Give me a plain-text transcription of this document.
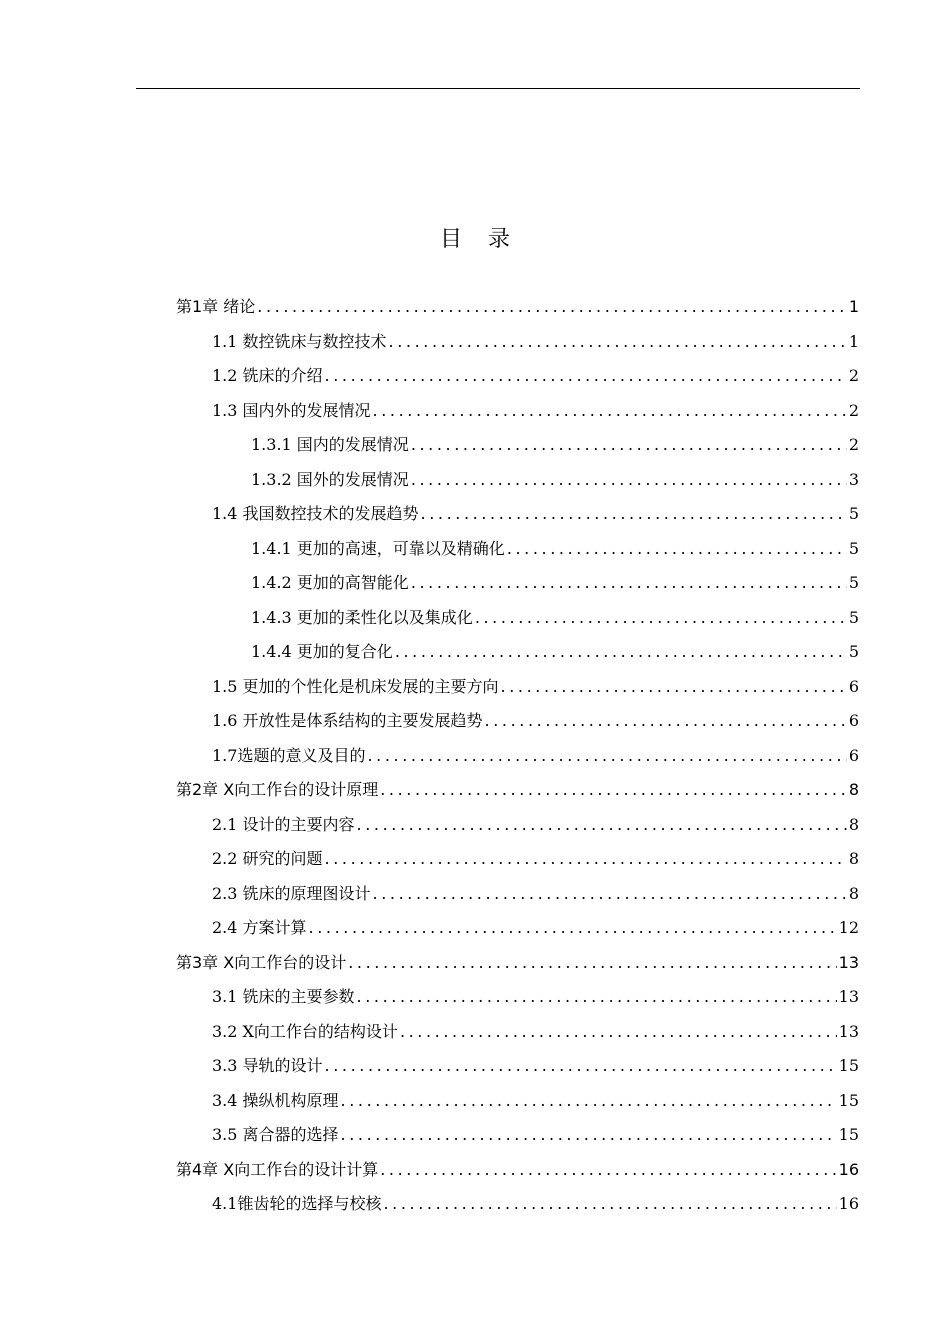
目录
第1章 绪论 .....	1
1.1 数控铣床与数控技术 .....	1
1.2 铣床的介绍 .....	2
1.3 国内外的发展情况 .....	2
1.3.1 国内的发展情况 .....	2
1.3.2 国外的发展情况 .....	3
1.4 我国数控技术的发展趋势 .....	5
1.4.1 更加的高速，可靠以及精确化 .....	5
1.4.2 更加的高智能化 .....	5
1.4.3 更加的柔性化以及集成化 .....	5
1.4.4 更加的复合化 .....	5
1.5 更加的个性化是机床发展的主要方向 .....	6
1.6 开放性是体系结构的主要发展趋势 .....	6
1.7选题的意义及目的 .....	6
第2章 X向工作台的设计原理 .....	8
2.1 设计的主要内容 .....	8
2.2 研究的问题 .....	8
2.3 铣床的原理图设计 .....	8
2.4 方案计算 .....	12
第3章 X向工作台的设计 .....	13
3.1 铣床的主要参数 .....	13
3.2 X向工作台的结构设计 .....	13
3.3 导轨的设计 .....	15
3.4 操纵机构原理 .....	15
3.5 离合器的选择 .....	15
第4章 X向工作台的设计计算 .....	16
4.1锥齿轮的选择与校核 .....	16
